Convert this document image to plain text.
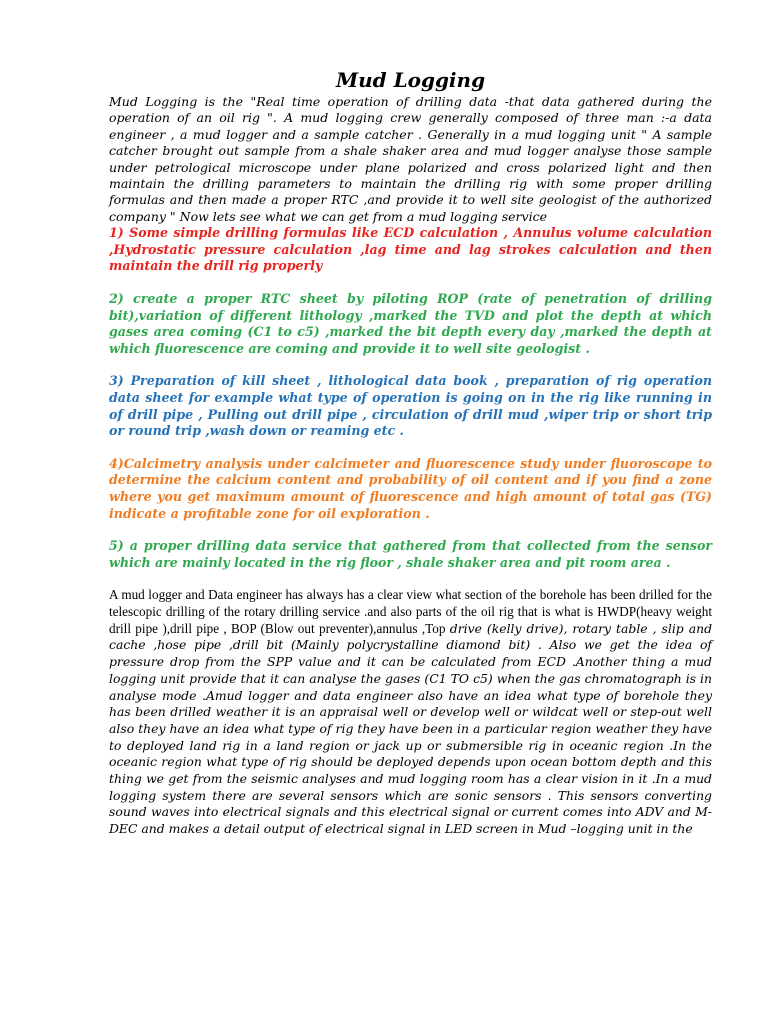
Mud Logging

Mud Logging is the "Real time operation of drilling data -that data gathered during the operation of an oil rig ". A mud logging crew generally composed of three man :-a data engineer , a mud logger and a sample catcher . Generally in a mud logging unit " A sample catcher brought out sample from a shale shaker area and mud logger analyse those sample under petrological microscope under plane polarized and cross polarized light and then maintain the drilling parameters to maintain the drilling rig with some proper drilling formulas and then made a proper RTC ,and provide it to well site geologist of the authorized company " Now lets see what we can get from a mud logging service

1) Some simple drilling formulas like ECD calculation , Annulus volume calculation ,Hydrostatic pressure calculation ,lag time and lag strokes calculation and then maintain the drill rig properly

2) create a proper RTC sheet by piloting ROP (rate of penetration of drilling bit),variation of different lithology ,marked the TVD and plot the depth at which gases area coming (C1 to c5) ,marked the bit depth every day ,marked the depth at which fluorescence are coming and provide it to well site geologist .

3) Preparation of kill sheet , lithological data book , preparation of rig operation data sheet for example what type of operation is going on in the rig like running in of drill pipe , Pulling out drill pipe , circulation of drill mud ,wiper trip or short trip or round trip ,wash down or reaming etc .

4)Calcimetry analysis under calcimeter and fluorescence study under fluoroscope to determine the calcium content and probability of oil content and if you find a zone where you get maximum amount of fluorescence and high amount of total gas (TG) indicate a profitable zone for oil exploration .

5) a proper drilling data service that gathered from that collected from the sensor which are mainly located in the rig floor , shale shaker area and pit room area .

A mud logger and Data engineer has always has a clear view what section of the borehole has been drilled for the telescopic drilling of the rotary drilling service .and also parts of the oil rig that is what is HWDP(heavy weight drill pipe ),drill pipe , BOP (Blow out preventer),annulus ,Top drive (kelly drive), rotary table , slip and cache ,hose pipe ,drill bit (Mainly polycrystalline diamond bit) . Also we get the idea of pressure drop from the SPP value and it can be calculated from ECD .Another thing a mud logging unit provide that it can analyse the gases (C1 TO c5) when the gas chromatograph is in analyse mode .Amud logger and data engineer also have an idea what type of borehole they has been drilled weather it is an appraisal well or develop well or wildcat well or step-out well also they have an idea what type of rig they have been in a particular region weather they have to deployed land rig in a land region or jack up or submersible rig in oceanic region .In the oceanic region what type of rig should be deployed depends upon ocean bottom depth and this thing we get from the seismic analyses and mud logging room has a clear vision in it .In a mud logging system there are several sensors which are sonic sensors . This sensors converting sound waves into electrical signals and this electrical signal or current comes into ADV and M-DEC and makes a detail output of electrical signal in LED screen in Mud –logging unit in the
